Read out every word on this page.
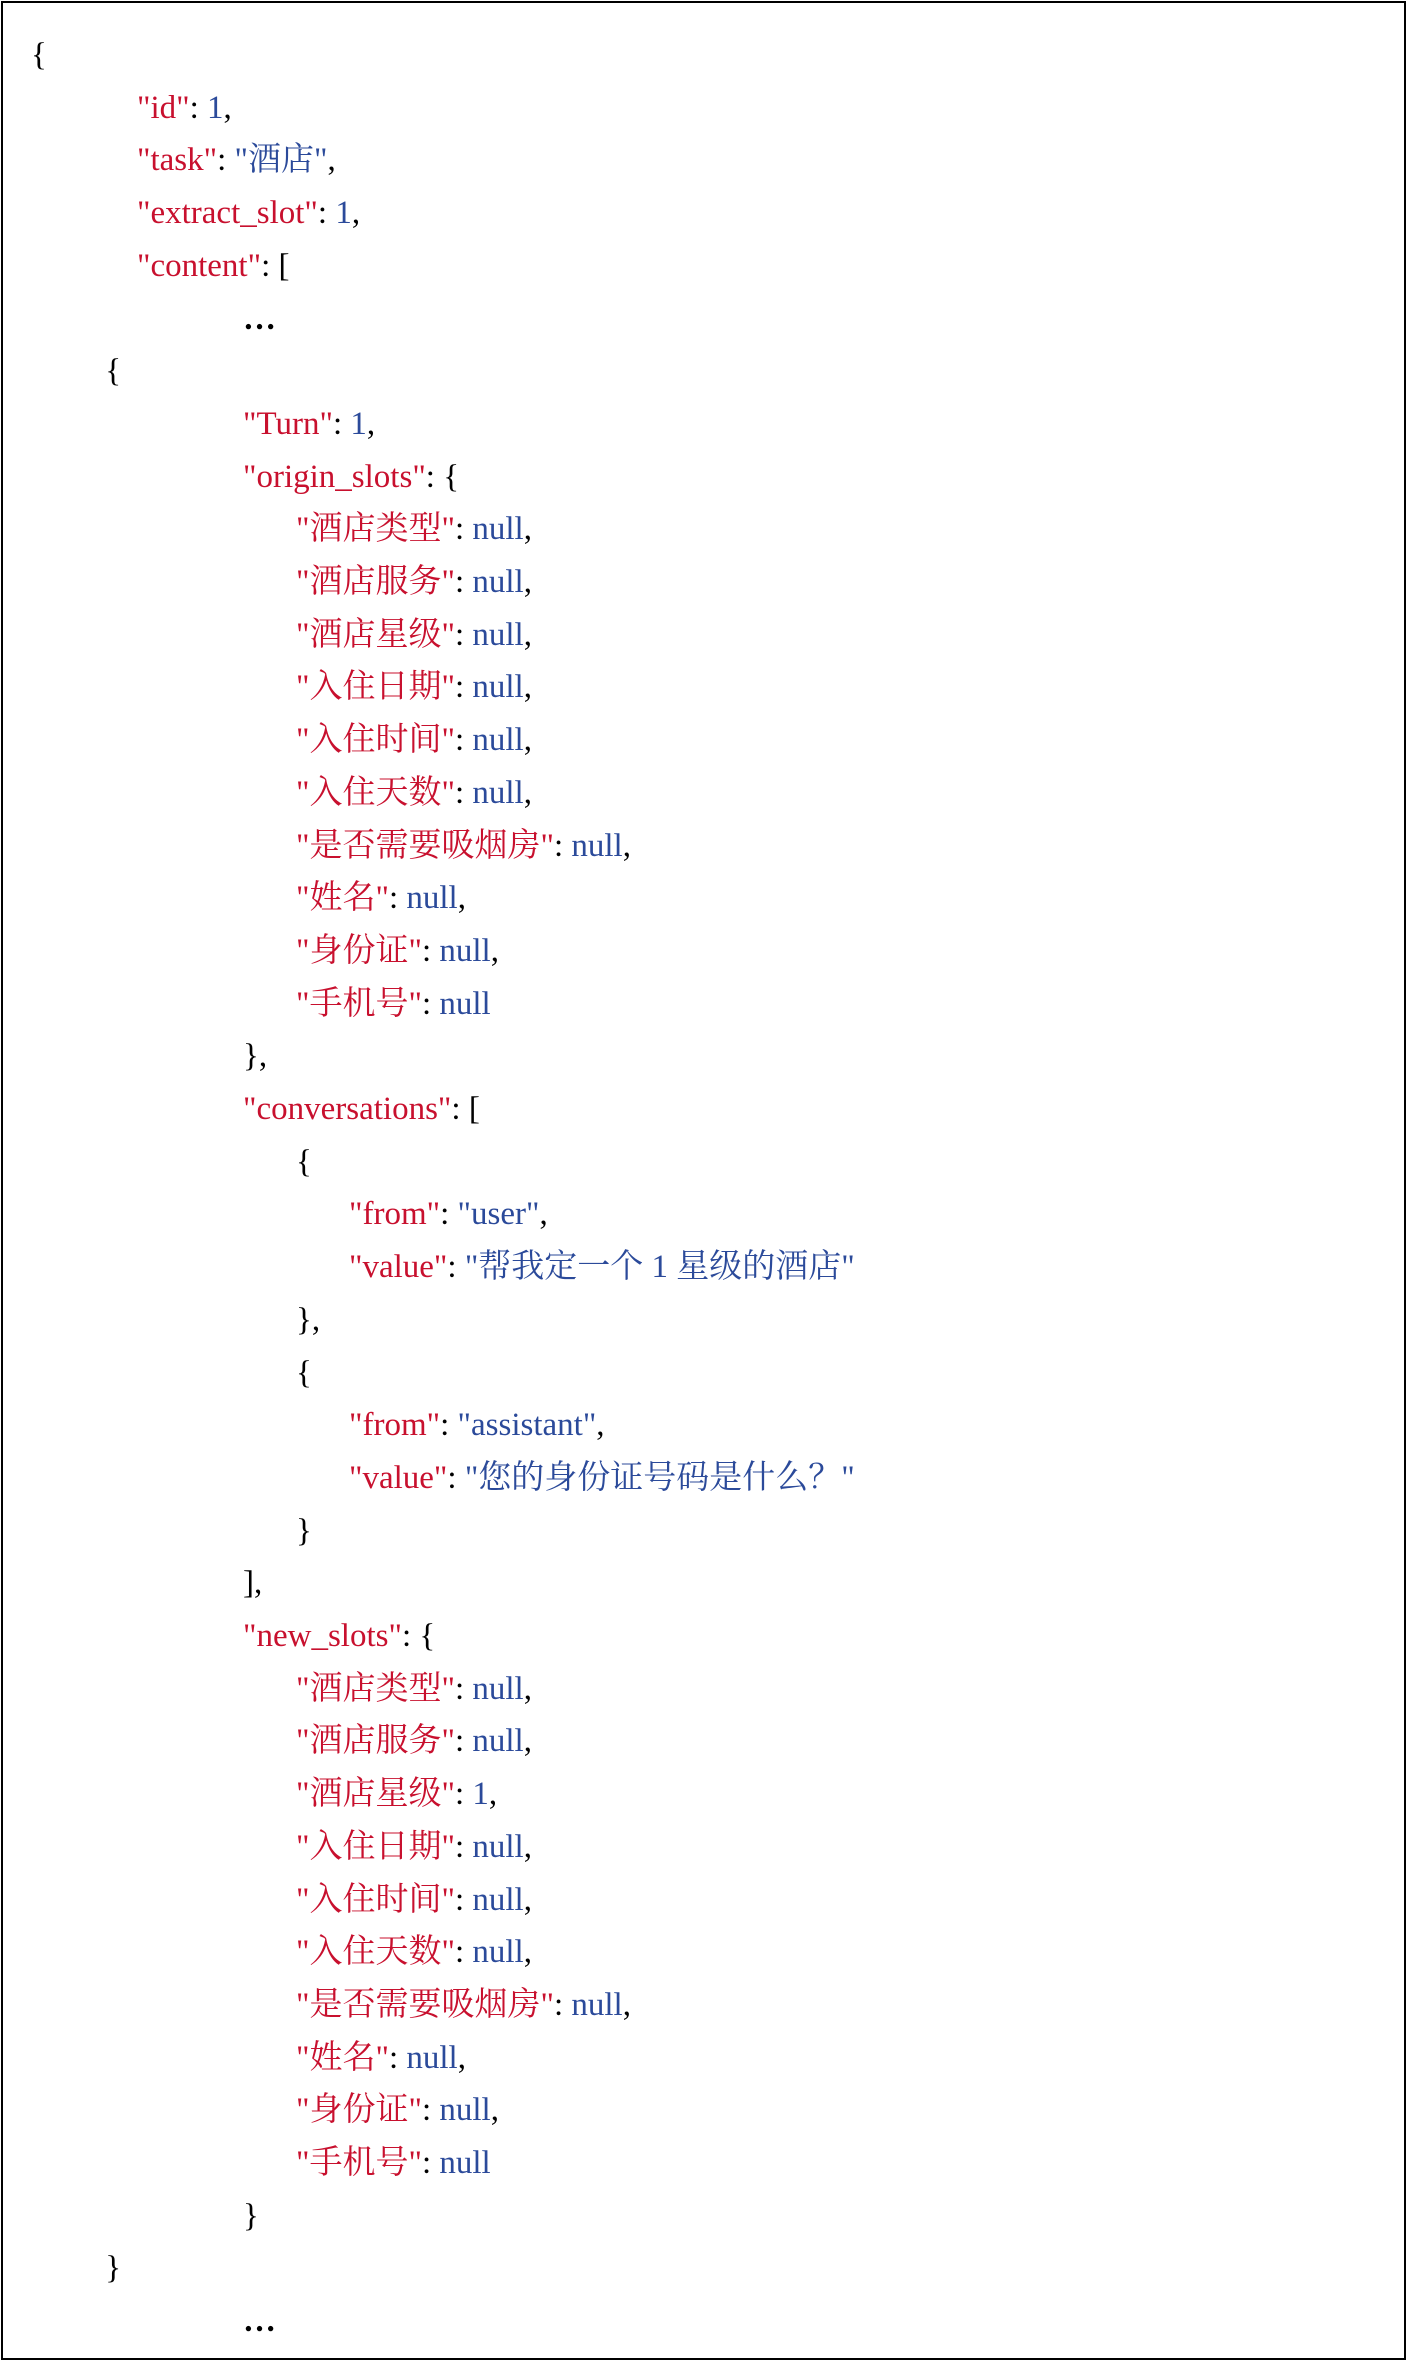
{
"id": 1,
"task": "酒店",
"extract_slot": 1,
"content": [
…
{
"Turn": 1,
"origin_slots": {
"酒店类型": null,
"酒店服务": null,
"酒店星级": null,
"入住日期": null,
"入住时间": null,
"入住天数": null,
"是否需要吸烟房": null,
"姓名": null,
"身份证": null,
"手机号": null
},
"conversations": [
{
"from": "user",
"value": "帮我定一个 1 星级的酒店"
},
{
"from": "assistant",
"value": "您的身份证号码是什么？"
}
],
"new_slots": {
"酒店类型": null,
"酒店服务": null,
"酒店星级": 1,
"入住日期": null,
"入住时间": null,
"入住天数": null,
"是否需要吸烟房": null,
"姓名": null,
"身份证": null,
"手机号": null
}
}
…
